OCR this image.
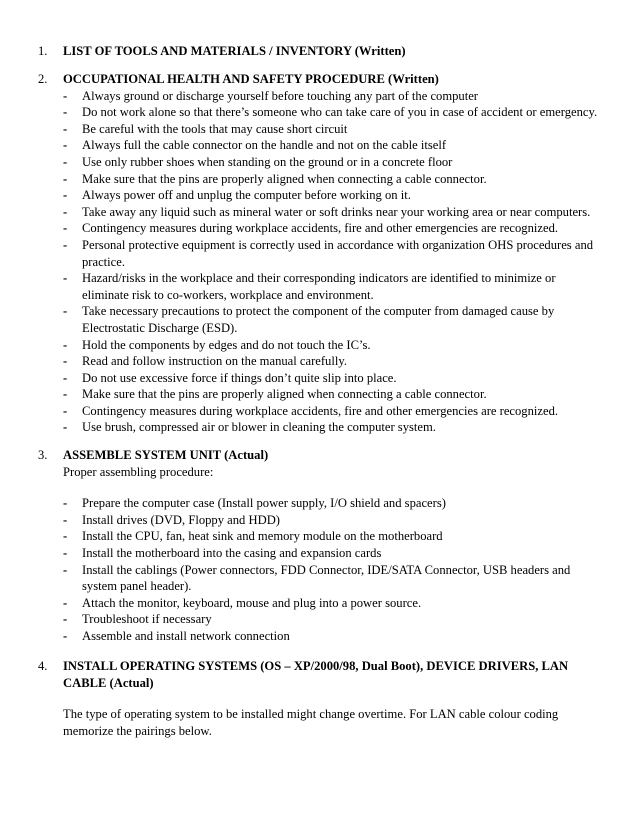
1.	LIST OF TOOLS AND MATERIALS / INVENTORY (Written)
2.	OCCUPATIONAL HEALTH AND SAFETY PROCEDURE (Written)
-	Always ground or discharge yourself before touching any part of the computer
-	Do not work alone so that there’s someone who can take care of you in case of accident or emergency.
-	Be careful with the tools that may cause short circuit
-	Always full the cable connector on the handle and not on the cable itself
-	Use only rubber shoes when standing on the ground or in a concrete floor
-	Make sure that the pins are properly aligned when connecting a cable connector.
-	Always power off and unplug the computer before working on it.
-	Take away any liquid such as mineral water or soft drinks near your working area or near computers.
-	Contingency measures during workplace accidents, fire and other emergencies are recognized.
-	Personal protective equipment is correctly used in accordance with organization OHS procedures and practice.
-	Hazard/risks in the workplace and their corresponding indicators are identified to minimize or eliminate risk to co-workers, workplace and environment.
-	Take necessary precautions to protect the component of the computer from damaged cause by Electrostatic Discharge (ESD).
-	Hold the components by edges and do not touch the IC’s.
-	Read and follow instruction on the manual carefully.
-	Do not use excessive force if things don’t quite slip into place.
-	Make sure that the pins are properly aligned when connecting a cable connector.
-	Contingency measures during workplace accidents, fire and other emergencies are recognized.
-	Use brush, compressed air or blower in cleaning the computer system.
3.	ASSEMBLE SYSTEM UNIT (Actual)

Proper assembling procedure:

-	Prepare the computer case (Install power supply, I/O shield and spacers)
-	Install drives (DVD, Floppy and HDD)
-	Install the CPU, fan, heat sink and memory module on the motherboard
-	Install the motherboard into the casing and expansion cards
-	Install the cablings (Power connectors, FDD Connector, IDE/SATA Connector, USB headers and system panel header).
-	Attach the monitor, keyboard, mouse and plug into a power source.
-	Troubleshoot if necessary
-	Assemble and install network connection
4.	INSTALL OPERATING SYSTEMS (OS – XP/2000/98, Dual Boot), DEVICE DRIVERS, LAN CABLE (Actual)

The type of operating system to be installed might change overtime. For LAN cable colour coding memorize the pairings below.
